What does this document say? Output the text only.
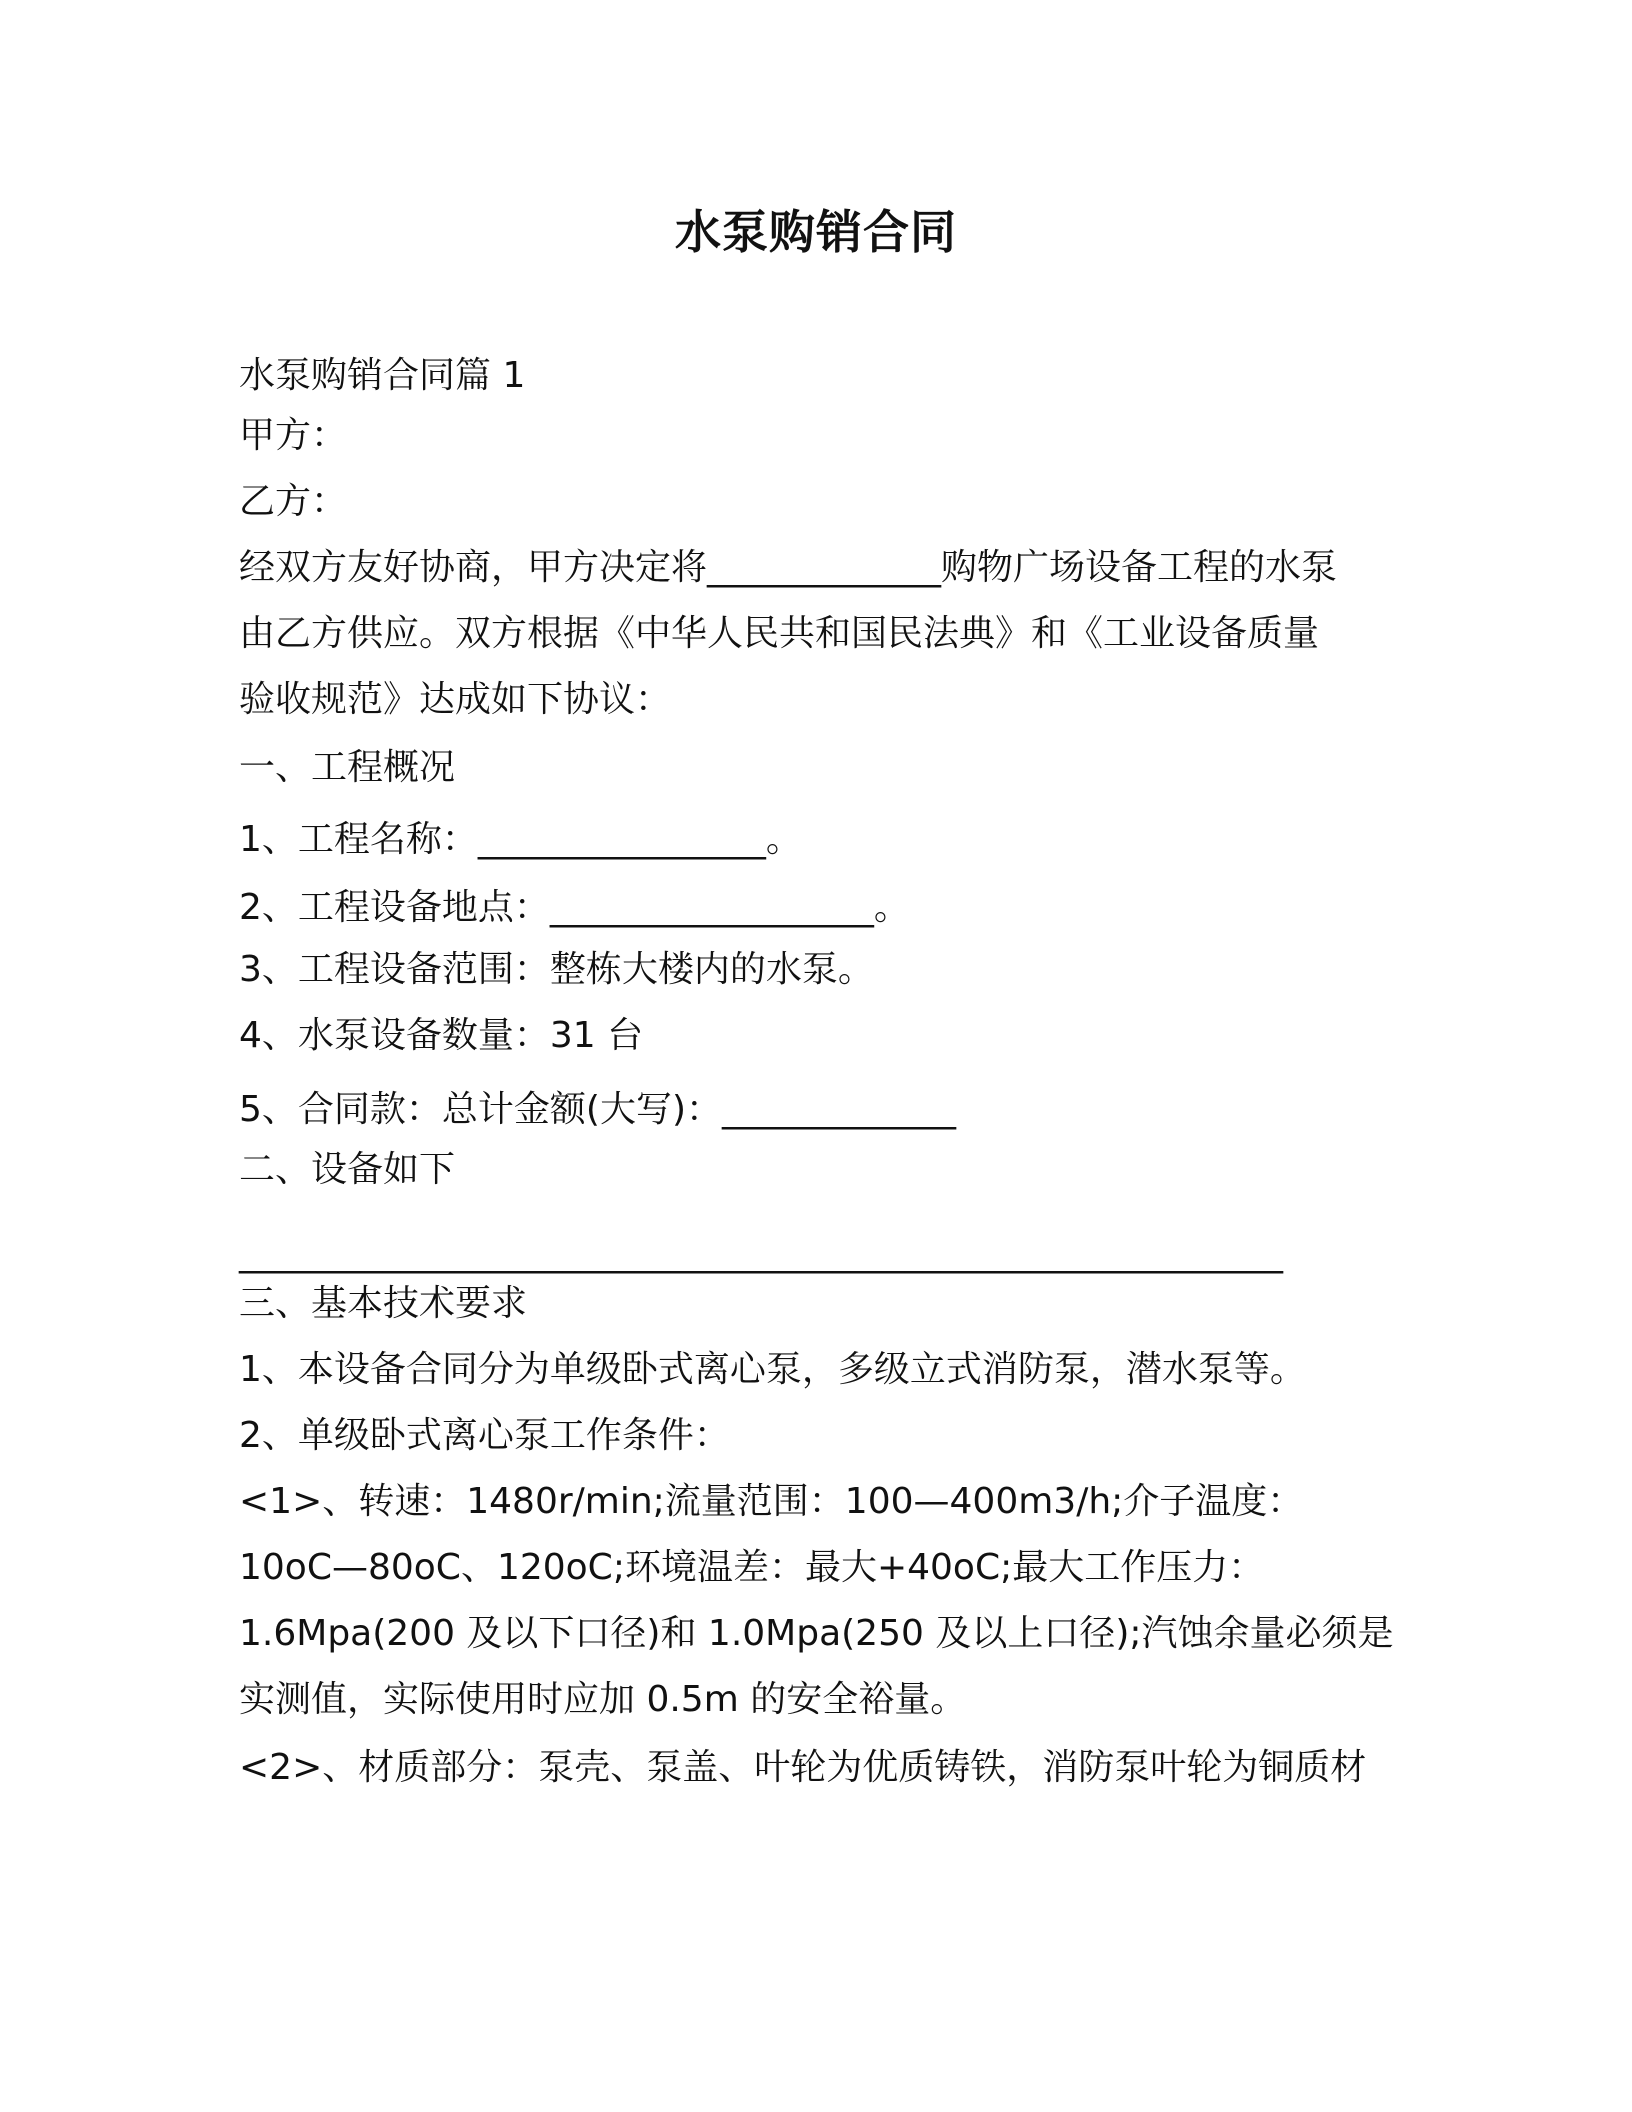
水泵购销合同
水泵购销合同篇 1
甲方：
乙方：
经双方友好协商，甲方决定将_____________购物广场设备工程的水泵
由乙方供应。双方根据《中华人民共和国民法典》和《工业设备质量
验收规范》达成如下协议：
一、工程概况
1、工程名称：________________。
2、工程设备地点：__________________。
3、工程设备范围：整栋大楼内的水泵。
4、水泵设备数量：31 台
5、合同款：总计金额(大写)：_____________
二、设备如下
__________________________________________________________
三、基本技术要求
1、本设备合同分为单级卧式离心泵，多级立式消防泵，潜水泵等。
2、单级卧式离心泵工作条件：
<1>、转速：1480r/min;流量范围：100—400m3/h;介子温度：
10oC—80oC、120oC;环境温差：最大+40oC;最大工作压力：
1.6Mpa(200 及以下口径)和 1.0Mpa(250 及以上口径);汽蚀余量必须是
实测值，实际使用时应加 0.5m 的安全裕量。
<2>、材质部分：泵壳、泵盖、叶轮为优质铸铁，消防泵叶轮为铜质材
